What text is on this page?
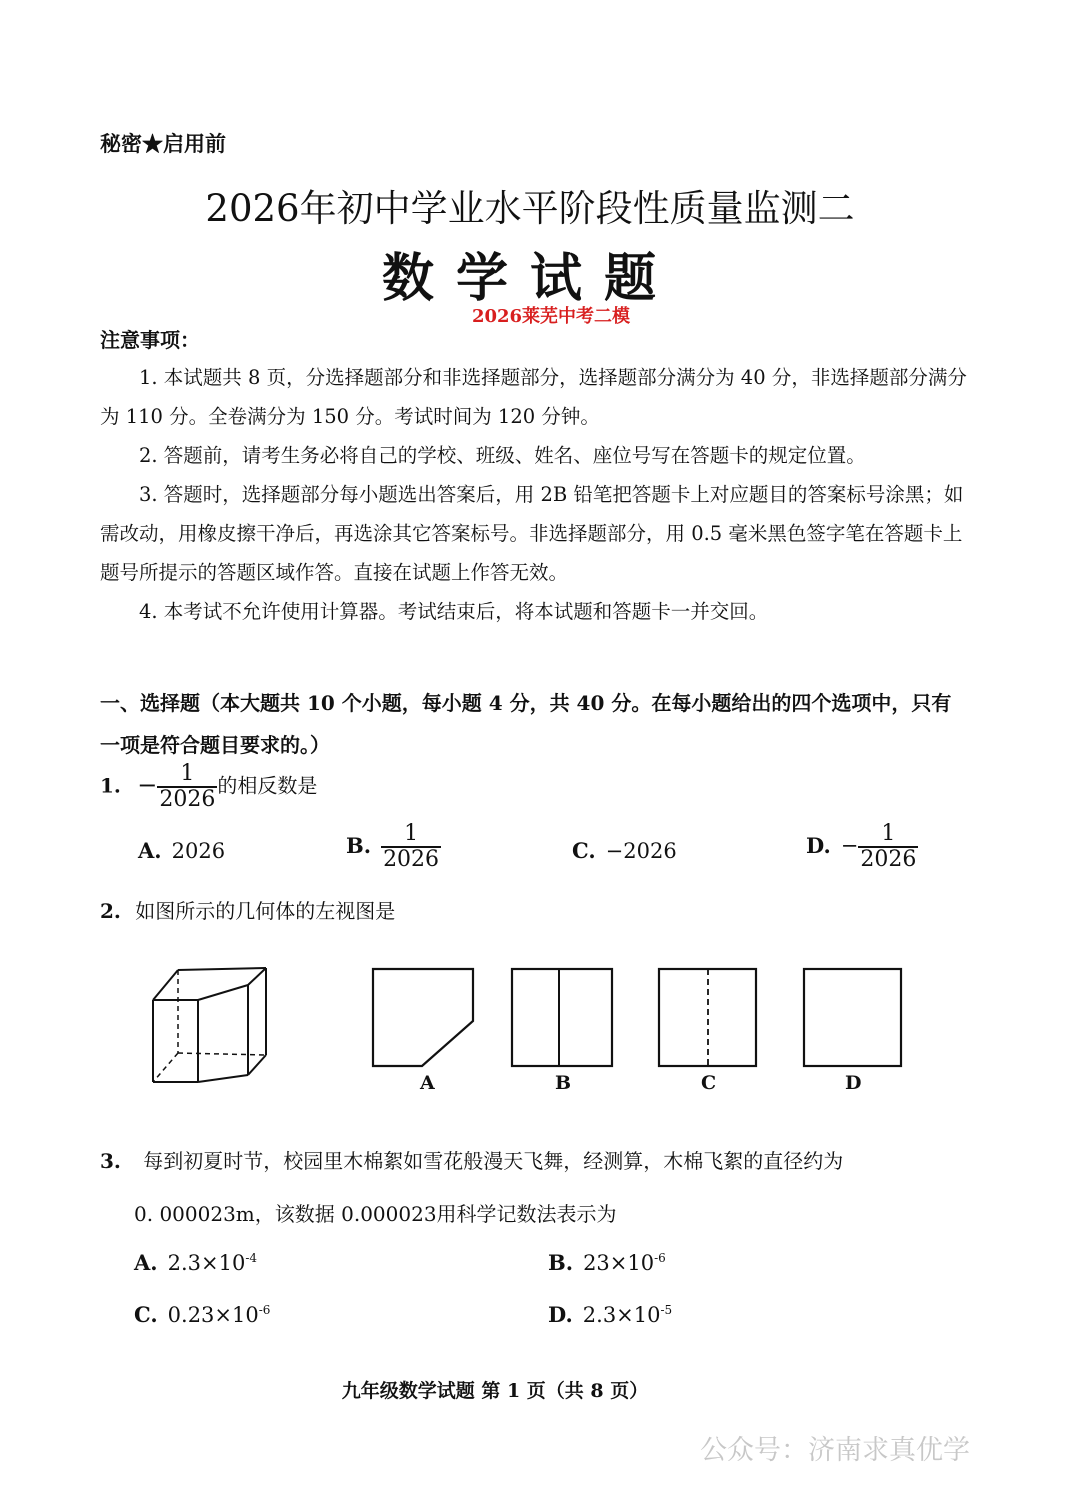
秘密★启用前
2026年初中学业水平阶段性质量监测二
数学试题
2026莱芜中考二模
注意事项：

1. 本试题共 8 页，分选择题部分和非选择题部分，选择题部分满分为 40 分，非选择题部分满分为 110 分。全卷满分为 150 分。考试时间为 120 分钟。

2. 答题前，请考生务必将自己的学校、班级、姓名、座位号写在答题卡的规定位置。

3. 答题时，选择题部分每小题选出答案后，用 2B 铅笔把答题卡上对应题目的答案标号涂黑；如需改动，用橡皮擦干净后，再选涂其它答案标号。非选择题部分，用 0.5 毫米黑色签字笔在答题卡上题号所提示的答题区域作答。直接在试题上作答无效。

4. 本考试不允许使用计算器。考试结束后，将本试题和答题卡一并交回。

一、选择题（本大题共 10 个小题，每小题 4 分，共 40 分。在每小题给出的四个选项中，只有一项是符合题目要求的。）
1. − $\frac{1}{2026}$ 的相反数是
A. 2026	B. $\frac{1}{2026}$	C. −2026	D. − $\frac{1}{2026}$
2. 如图所示的几何体的左视图是
A	B	C	D
3. 每到初夏时节，校园里木棉絮如雪花般漫天飞舞，经测算，木棉飞絮的直径约为
0. 000023m，该数据 0.000023用科学记数法表示为
A. $2.3\times 10^{-4}$	B. $23\times 10^{-6}$
C. $0.23\times 10^{-6}$	D. $2.3\times 10^{-5}$
九年级数学试题 第 1 页（共 8 页）
公众号：济南求真优学
